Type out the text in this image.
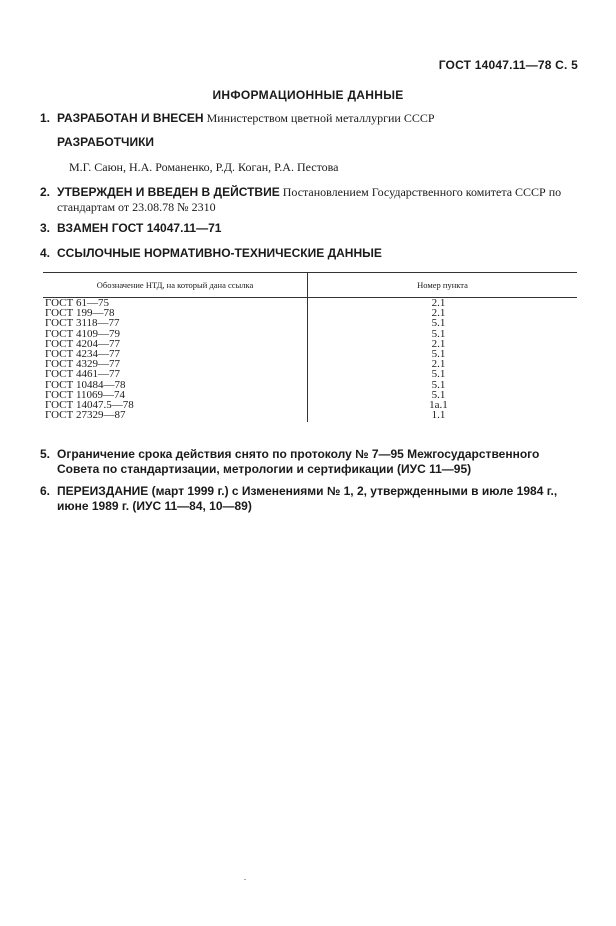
ГОСТ 14047.11—78 С. 5
ИНФОРМАЦИОННЫЕ ДАННЫЕ
1. РАЗРАБОТАН И ВНЕСЕН Министерством цветной металлургии СССР
РАЗРАБОТЧИКИ
М.Г. Саюн, Н.А. Романенко, Р.Д. Коган, Р.А. Пестова
2. УТВЕРЖДЕН И ВВЕДЕН В ДЕЙСТВИЕ Постановлением Государственного комитета СССР по стандартам от 23.08.78 № 2310
3. ВЗАМЕН ГОСТ 14047.11—71
4. ССЫЛОЧНЫЕ НОРМАТИВНО-ТЕХНИЧЕСКИЕ ДАННЫЕ
Обозначение НТД, на который дана ссылка	Номер пункта
ГОСТ 61—75	2.1
ГОСТ 199—78	2.1
ГОСТ 3118—77	5.1
ГОСТ 4109—79	5.1
ГОСТ 4204—77	2.1
ГОСТ 4234—77	5.1
ГОСТ 4329—77	2.1
ГОСТ 4461—77	5.1
ГОСТ 10484—78	5.1
ГОСТ 11069—74	5.1
ГОСТ 14047.5—78	1а.1
ГОСТ 27329—87	1.1
5. Ограничение срока действия снято по протоколу № 7—95 Межгосударственного Совета по стандартизации, метрологии и сертификации (ИУС 11—95)
6. ПЕРЕИЗДАНИЕ (март 1999 г.) с Изменениями № 1, 2, утвержденными в июле 1984 г., июне 1989 г. (ИУС 11—84, 10—89)
